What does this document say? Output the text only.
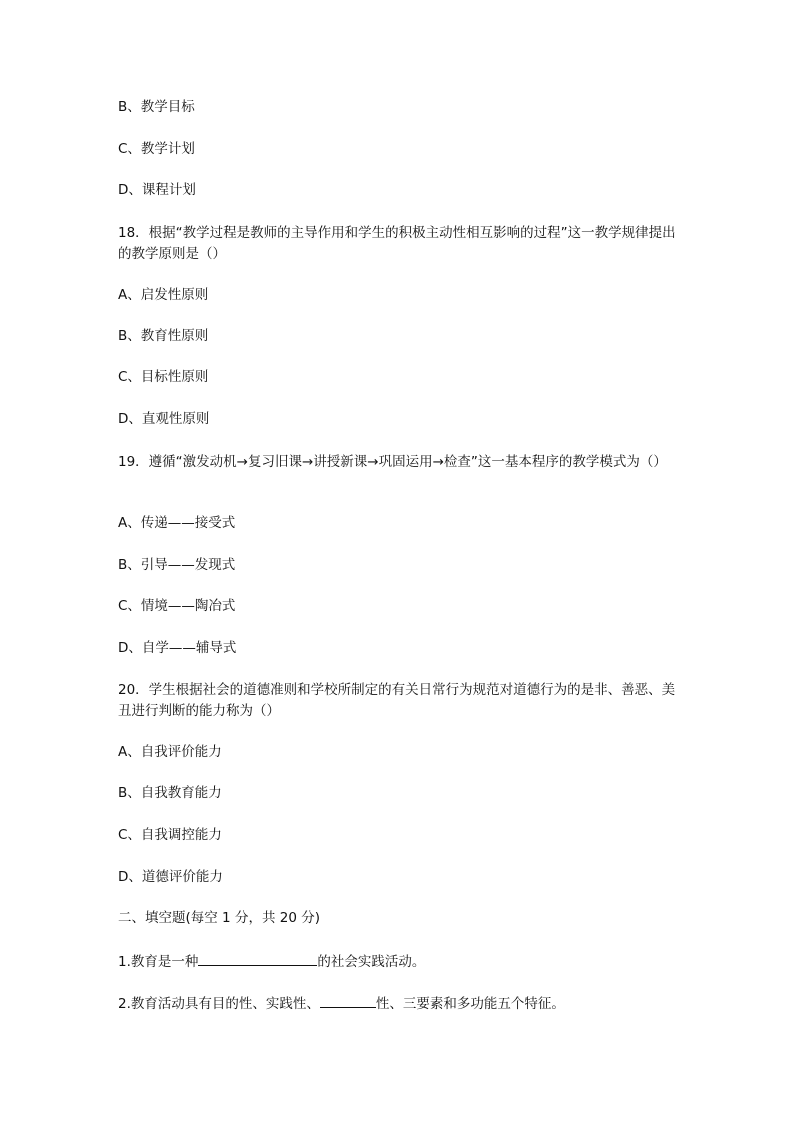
B、教学目标
C、教学计划
D、课程计划
18．根据“教学过程是教师的主导作用和学生的积极主动性相互影响的过程”这一教学规律提出的教学原则是（）
A、启发性原则
B、教育性原则
C、目标性原则
D、直观性原则
19．遵循“激发动机→复习旧课→讲授新课→巩固运用→检查”这一基本程序的教学模式为（）
A、传递——接受式
B、引导——发现式
C、情境——陶冶式
D、自学——辅导式
20．学生根据社会的道德准则和学校所制定的有关日常行为规范对道德行为的是非、善恶、美丑进行判断的能力称为（）
A、自我评价能力
B、自我教育能力
C、自我调控能力
D、道德评价能力
二、填空题(每空 1 分，共 20 分)
1.教育是一种	的社会实践活动。
2.教育活动具有目的性、实践性、	性、三要素和多功能五个特征。
